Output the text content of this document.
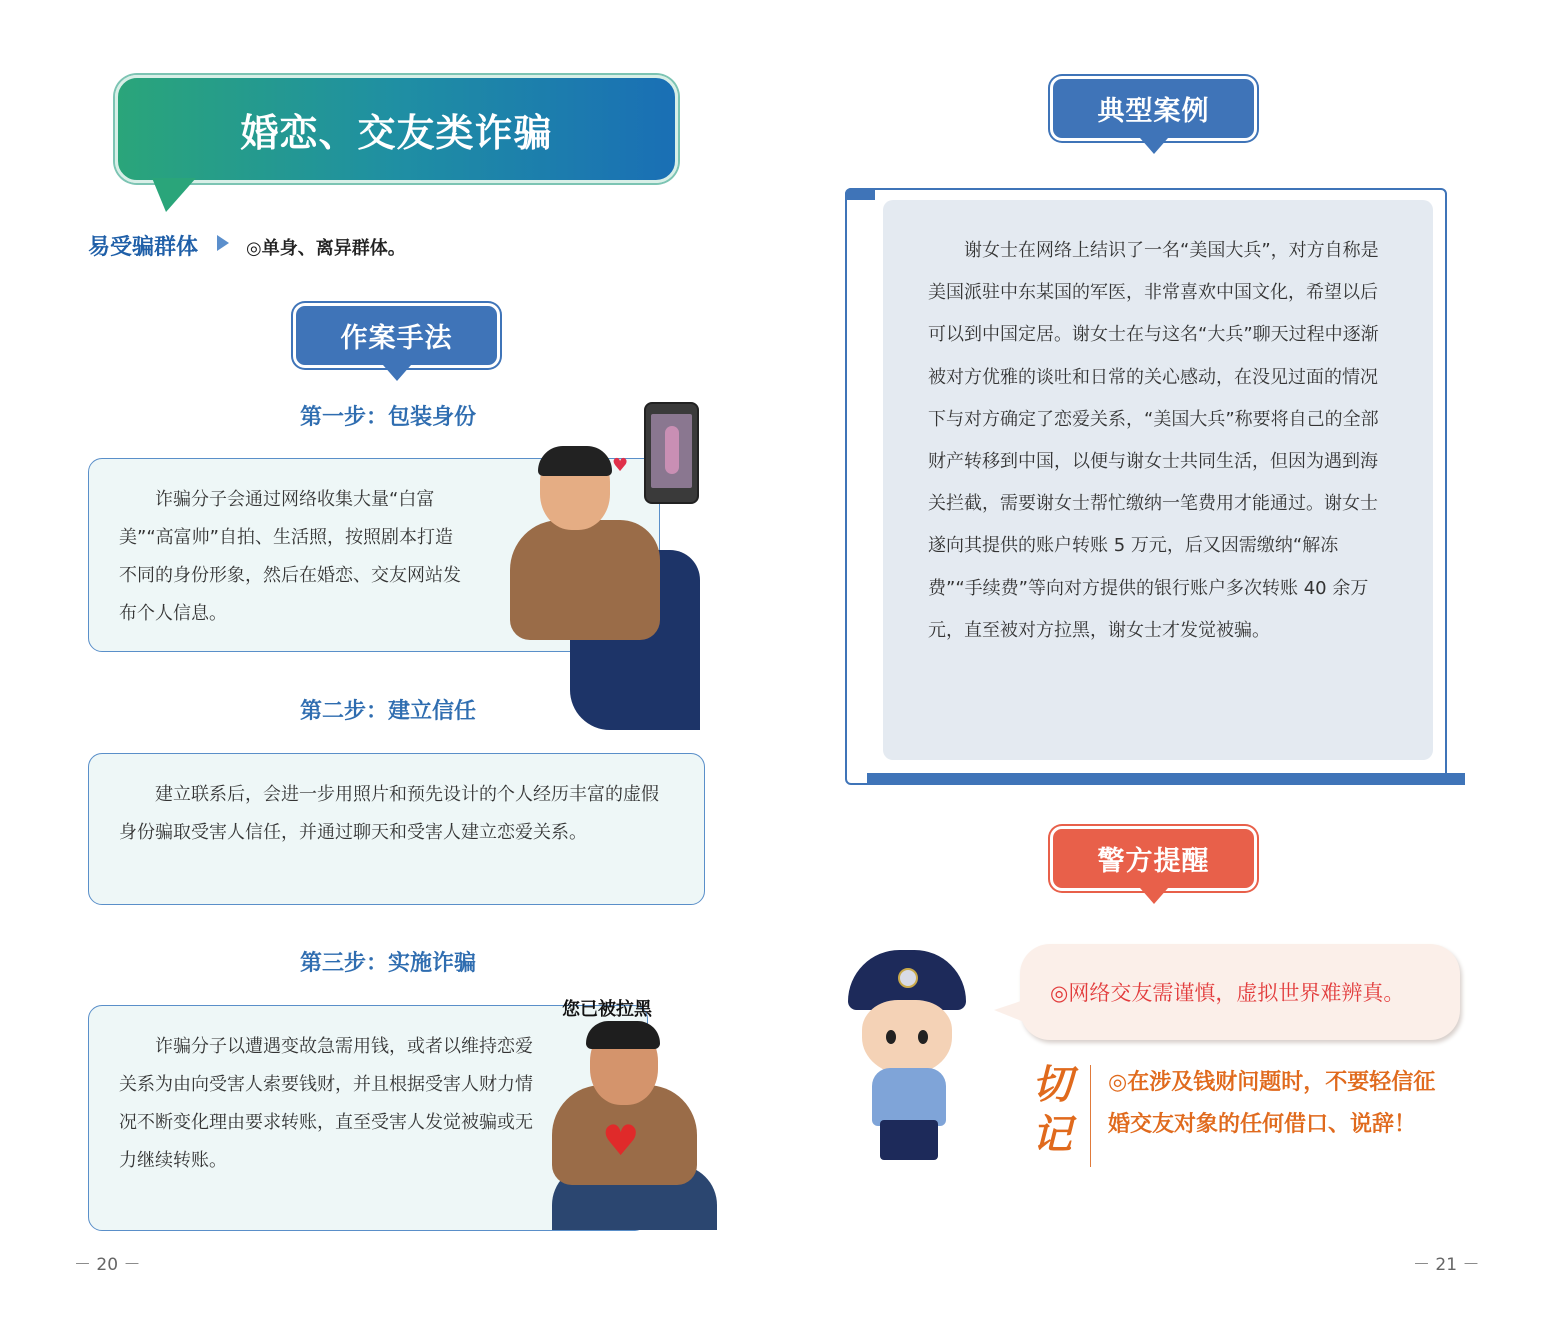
婚恋、交友类诈骗
易受骗群体	◎单身、离异群体。
作案手法
第一步：包装身份
诈骗分子会通过网络收集大量“白富美”“高富帅”自拍、生活照，按照剧本打造不同的身份形象，然后在婚恋、交友网站发布个人信息。
第二步：建立信任
建立联系后，会进一步用照片和预先设计的个人经历丰富的虚假身份骗取受害人信任，并通过聊天和受害人建立恋爱关系。
第三步：实施诈骗
诈骗分子以遭遇变故急需用钱，或者以维持恋爱关系为由向受害人索要钱财，并且根据受害人财力情况不断变化理由要求转账，直至受害人发觉被骗或无力继续转账。
♥
您已被拉黑
♥
－ 20 －
典型案例
谢女士在网络上结识了一名“美国大兵”，对方自称是美国派驻中东某国的军医，非常喜欢中国文化，希望以后可以到中国定居。谢女士在与这名“大兵”聊天过程中逐渐被对方优雅的谈吐和日常的关心感动，在没见过面的情况下与对方确定了恋爱关系，“美国大兵”称要将自己的全部财产转移到中国，以便与谢女士共同生活，但因为遇到海关拦截，需要谢女士帮忙缴纳一笔费用才能通过。谢女士遂向其提供的账户转账 5 万元，后又因需缴纳“解冻费”“手续费”等向对方提供的银行账户多次转账 40 余万元，直至被对方拉黑，谢女士才发觉被骗。
警方提醒
◎网络交友需谨慎，虚拟世界难辨真。
切记
◎在涉及钱财问题时，不要轻信征婚交友对象的任何借口、说辞！
－ 21 －
